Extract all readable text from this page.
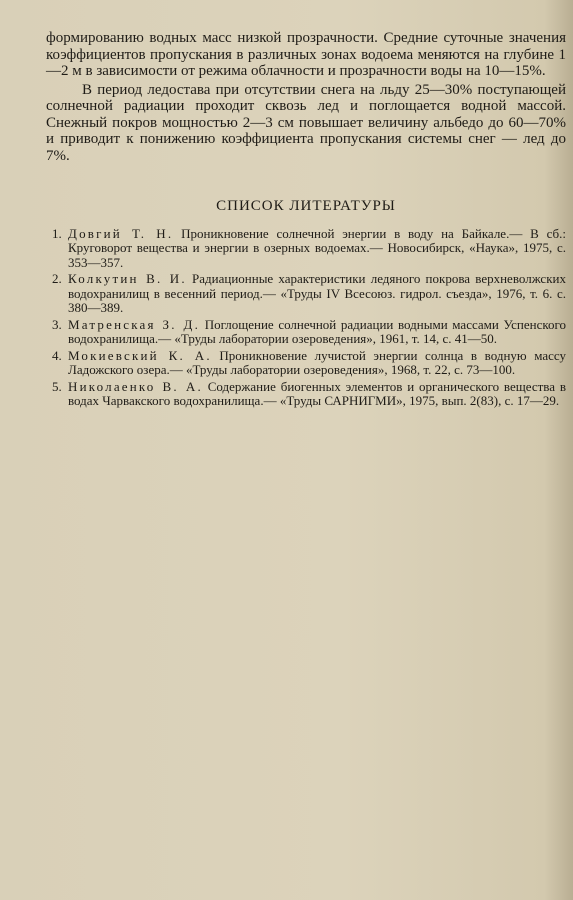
формированию водных масс низкой прозрачности. Средние суточные значения коэффициентов пропускания в различных зонах водоема меняются на глубине 1—2 м в зависимости от режима облачности и прозрачности воды на 10—15%.

В период ледостава при отсутствии снега на льду 25—30% поступающей солнечной радиации проходит сквозь лед и поглощается водной массой. Снежный покров мощностью 2—3 см повышает величину альбедо до 60—70% и приводит к понижению коэффициента пропускания системы снег — лед до 7%.

СПИСОК ЛИТЕРАТУРЫ
1. Довгий Т. Н. Проникновение солнечной энергии в воду на Байкале.— В сб.: Круговорот вещества и энергии в озерных водоемах.— Новосибирск, «Наука», 1975, с. 353—357.
2. Колкутин В. И. Радиационные характеристики ледяного покрова верхневолжских водохранилищ в весенний период.— «Труды IV Всесоюз. гидрол. съезда», 1976, т. 6. с. 380—389.
3. Матренская З. Д. Поглощение солнечной радиации водными массами Успенского водохранилища.— «Труды лаборатории озероведения», 1961, т. 14, с. 41—50.
4. Мокиевский К. А. Проникновение лучистой энергии солнца в водную массу Ладожского озера.— «Труды лаборатории озероведения», 1968, т. 22, с. 73—100.
5. Николаенко В. А. Содержание биогенных элементов и органического вещества в водах Чарвакского водохранилища.— «Труды САРНИГМИ», 1975, вып. 2(83), с. 17—29.
